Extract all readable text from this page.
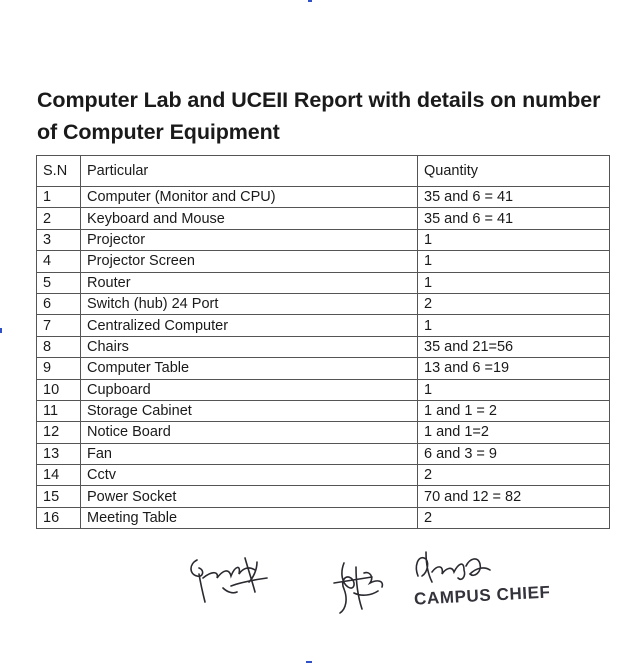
Computer Lab and UCEII Report with details on number of Computer Equipment
S.N	Particular	Quantity
1	Computer (Monitor and CPU)	35 and 6 = 41
2	Keyboard and Mouse	35 and 6 = 41
3	Projector	1
4	Projector Screen	1
5	Router	1
6	Switch (hub) 24 Port	2
7	Centralized Computer	1
8	Chairs	35 and 21=56
9	Computer Table	13 and 6 =19
10	Cupboard	1
11	Storage Cabinet	1 and 1 = 2
12	Notice Board	1 and 1=2
13	Fan	6 and 3 = 9
14	Cctv	2
15	Power Socket	70 and 12 = 82
16	Meeting Table	2
CAMPUS CHIEF
